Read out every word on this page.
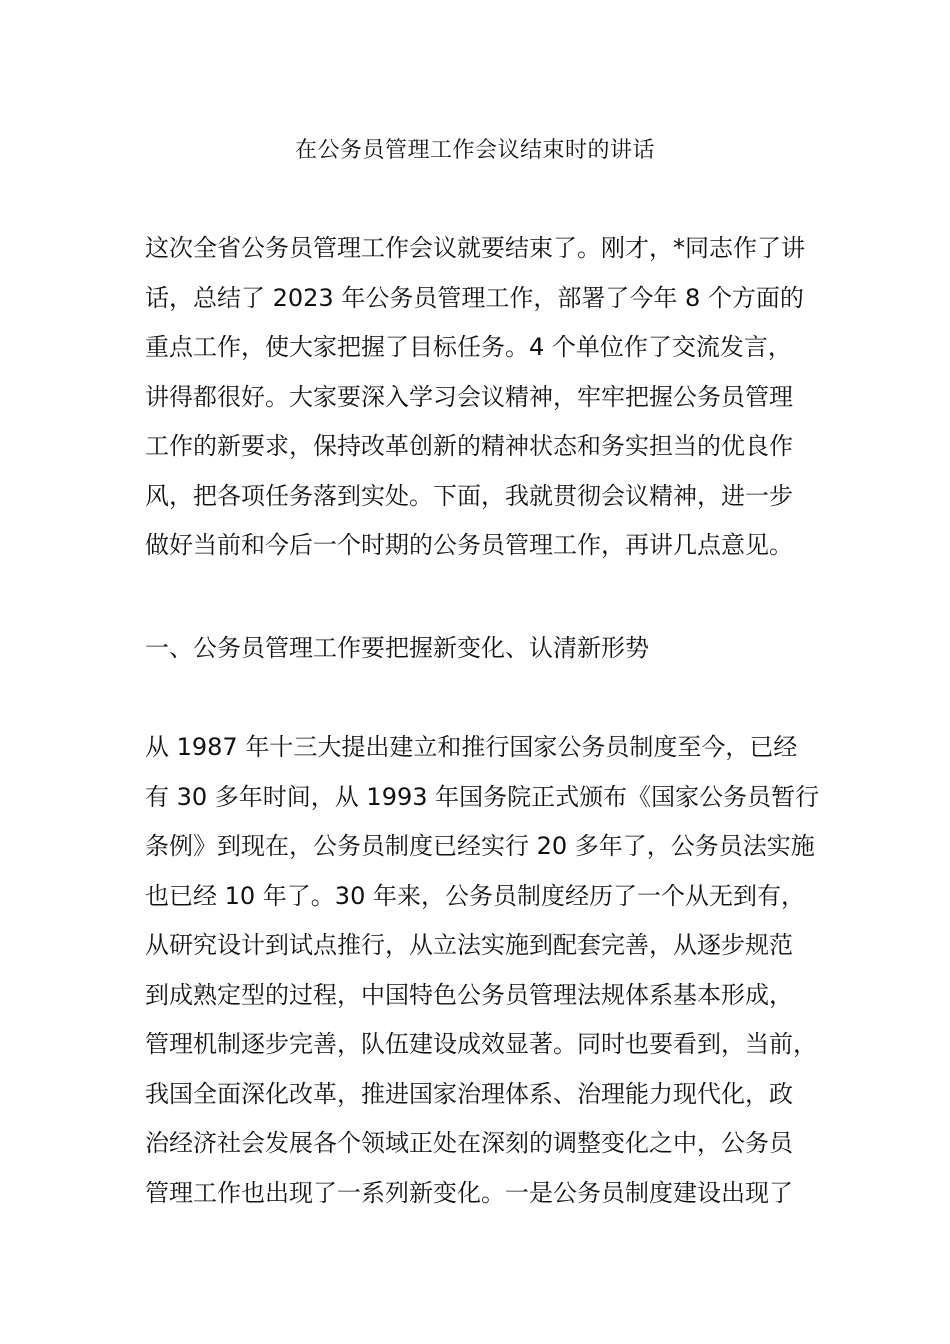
在公务员管理工作会议结束时的讲话
这次全省公务员管理工作会议就要结束了。刚才，*同志作了讲
话，总结了 2023 年公务员管理工作，部署了今年 8 个方面的
重点工作，使大家把握了目标任务。4 个单位作了交流发言，
讲得都很好。大家要深入学习会议精神，牢牢把握公务员管理
工作的新要求，保持改革创新的精神状态和务实担当的优良作
风，把各项任务落到实处。下面，我就贯彻会议精神，进一步
做好当前和今后一个时期的公务员管理工作，再讲几点意见。
一、公务员管理工作要把握新变化、认清新形势
从 1987 年十三大提出建立和推行国家公务员制度至今，已经
有 30 多年时间，从 1993 年国务院正式颁布《国家公务员暂行
条例》到现在，公务员制度已经实行 20 多年了，公务员法实施
也已经 10 年了。30 年来，公务员制度经历了一个从无到有，
从研究设计到试点推行，从立法实施到配套完善，从逐步规范
到成熟定型的过程，中国特色公务员管理法规体系基本形成，
管理机制逐步完善，队伍建设成效显著。同时也要看到，当前，
我国全面深化改革，推进国家治理体系、治理能力现代化，政
治经济社会发展各个领域正处在深刻的调整变化之中，公务员
管理工作也出现了一系列新变化。一是公务员制度建设出现了
